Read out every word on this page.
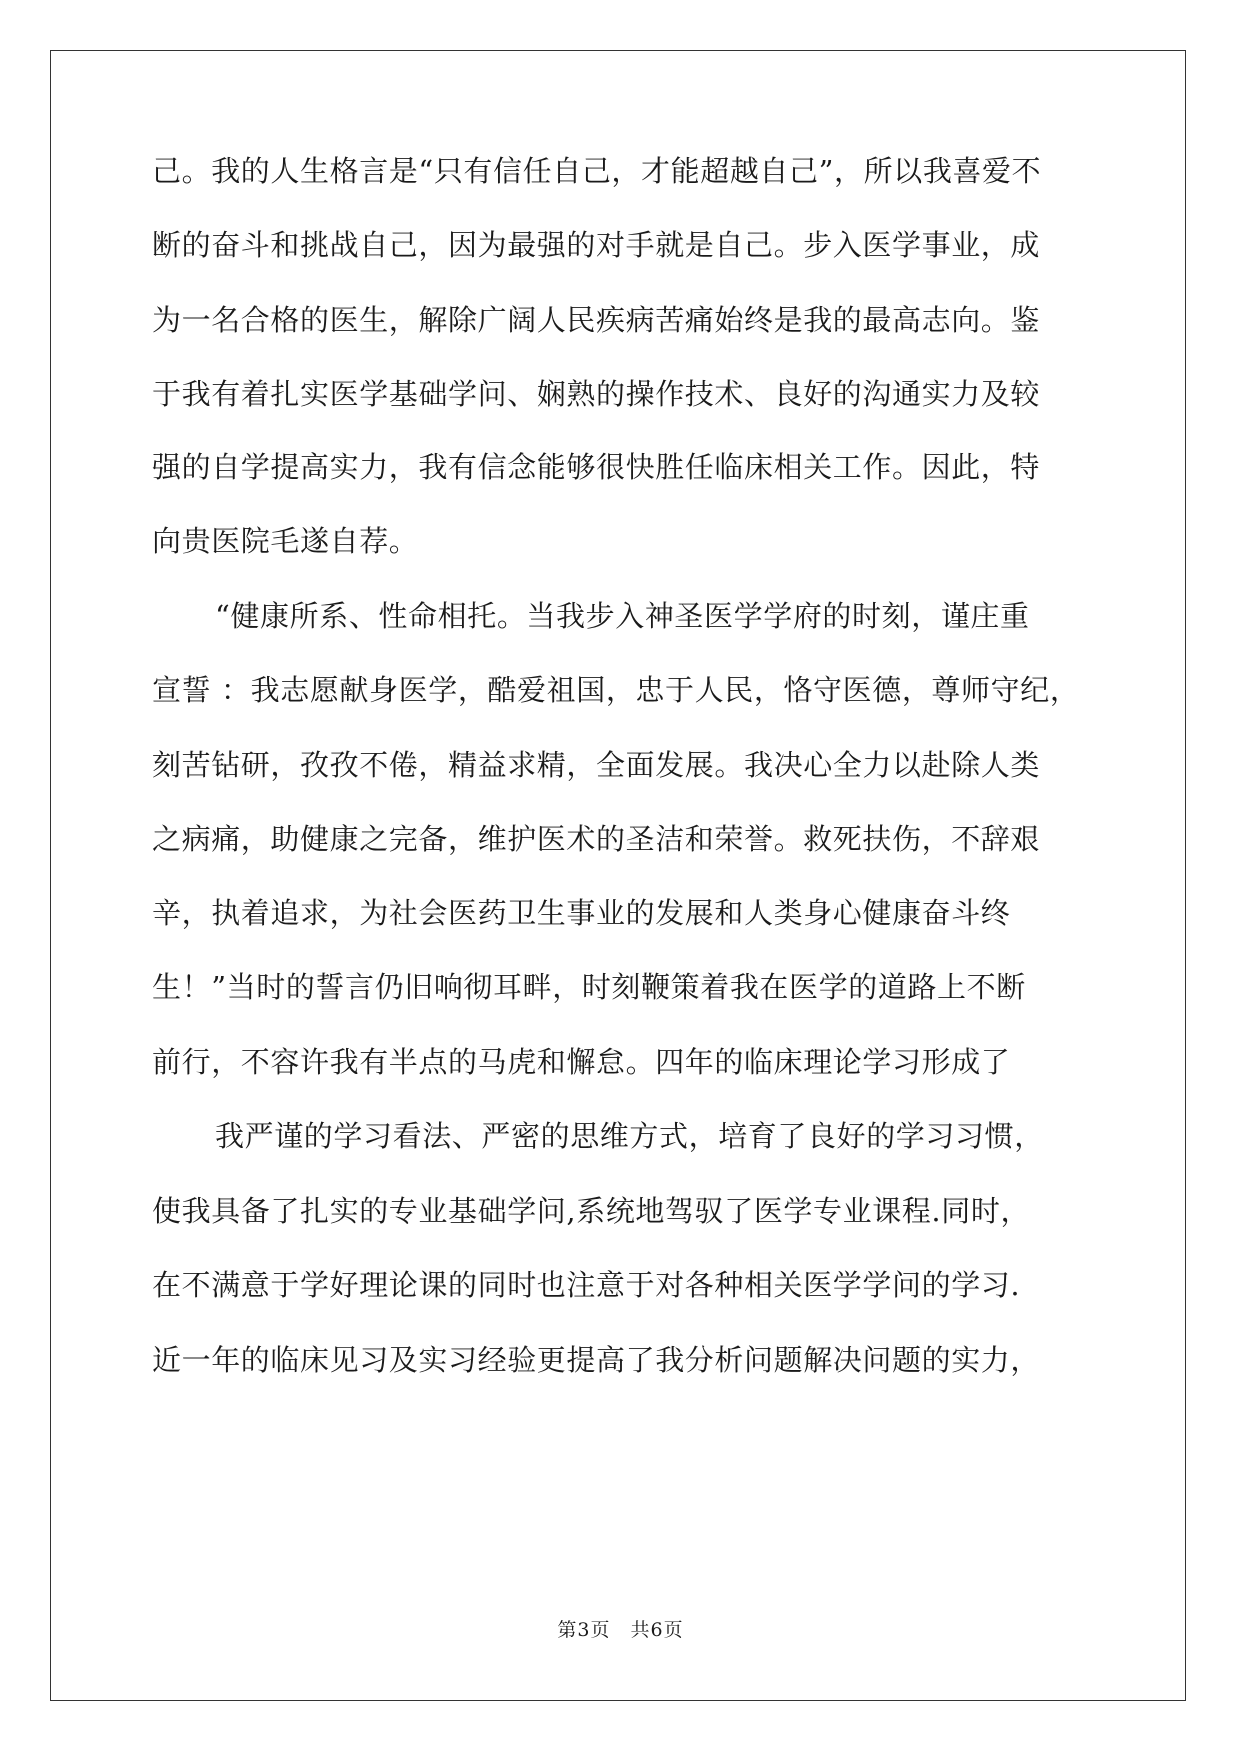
己。我的人生格言是“只有信任自己，才能超越自己”，所以我喜爱不
断的奋斗和挑战自己，因为最强的对手就是自己。步入医学事业，成
为一名合格的医生，解除广阔人民疾病苦痛始终是我的最高志向。鉴
于我有着扎实医学基础学问、娴熟的操作技术、良好的沟通实力及较
强的自学提高实力，我有信念能够很快胜任临床相关工作。因此，特
向贵医院毛遂自荐。
“健康所系、性命相托。当我步入神圣医学学府的时刻，谨庄重
宣誓 ：我志愿献身医学，酷爱祖国，忠于人民，恪守医德，尊师守纪，
刻苦钻研，孜孜不倦，精益求精，全面发展。我决心全力以赴除人类
之病痛，助健康之完备，维护医术的圣洁和荣誉。救死扶伤，不辞艰
辛，执着追求，为社会医药卫生事业的发展和人类身心健康奋斗终
生！”当时的誓言仍旧响彻耳畔，时刻鞭策着我在医学的道路上不断
前行，不容许我有半点的马虎和懈怠。四年的临床理论学习形成了
我严谨的学习看法、严密的思维方式，培育了良好的学习习惯，
使我具备了扎实的专业基础学问,系统地驾驭了医学专业课程.同时，
在不满意于学好理论课的同时也注意于对各种相关医学学问的学习.
近一年的临床见习及实习经验更提高了我分析问题解决问题的实力，
第3页　共6页
